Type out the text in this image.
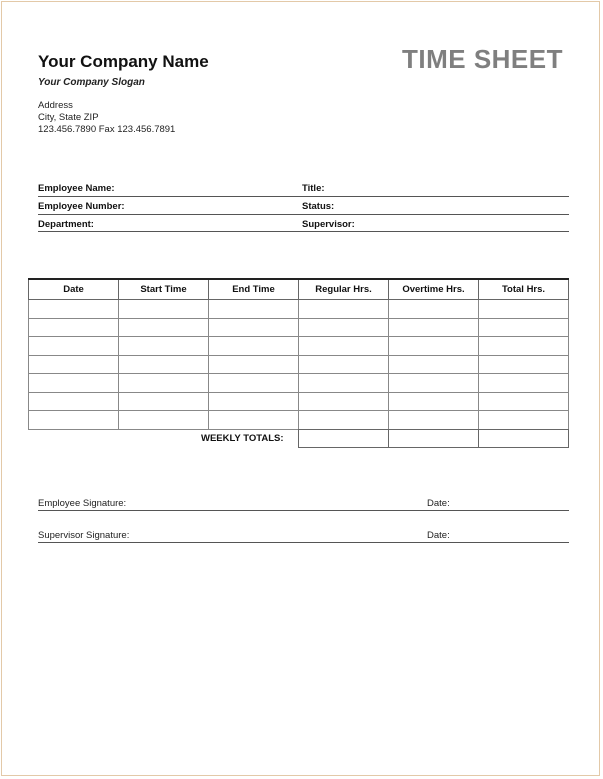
Your Company Name
Your Company Slogan
TIME SHEET
Address
City, State ZIP
123.456.7890 Fax 123.456.7891
Employee Name:	Title:
Employee Number:	Status:
Department:	Supervisor:
Date	Start Time	End Time	Regular Hrs.	Overtime Hrs.	Total Hrs.

WEEKLY TOTALS:
Employee Signature:	Date:
Supervisor Signature:	Date:
